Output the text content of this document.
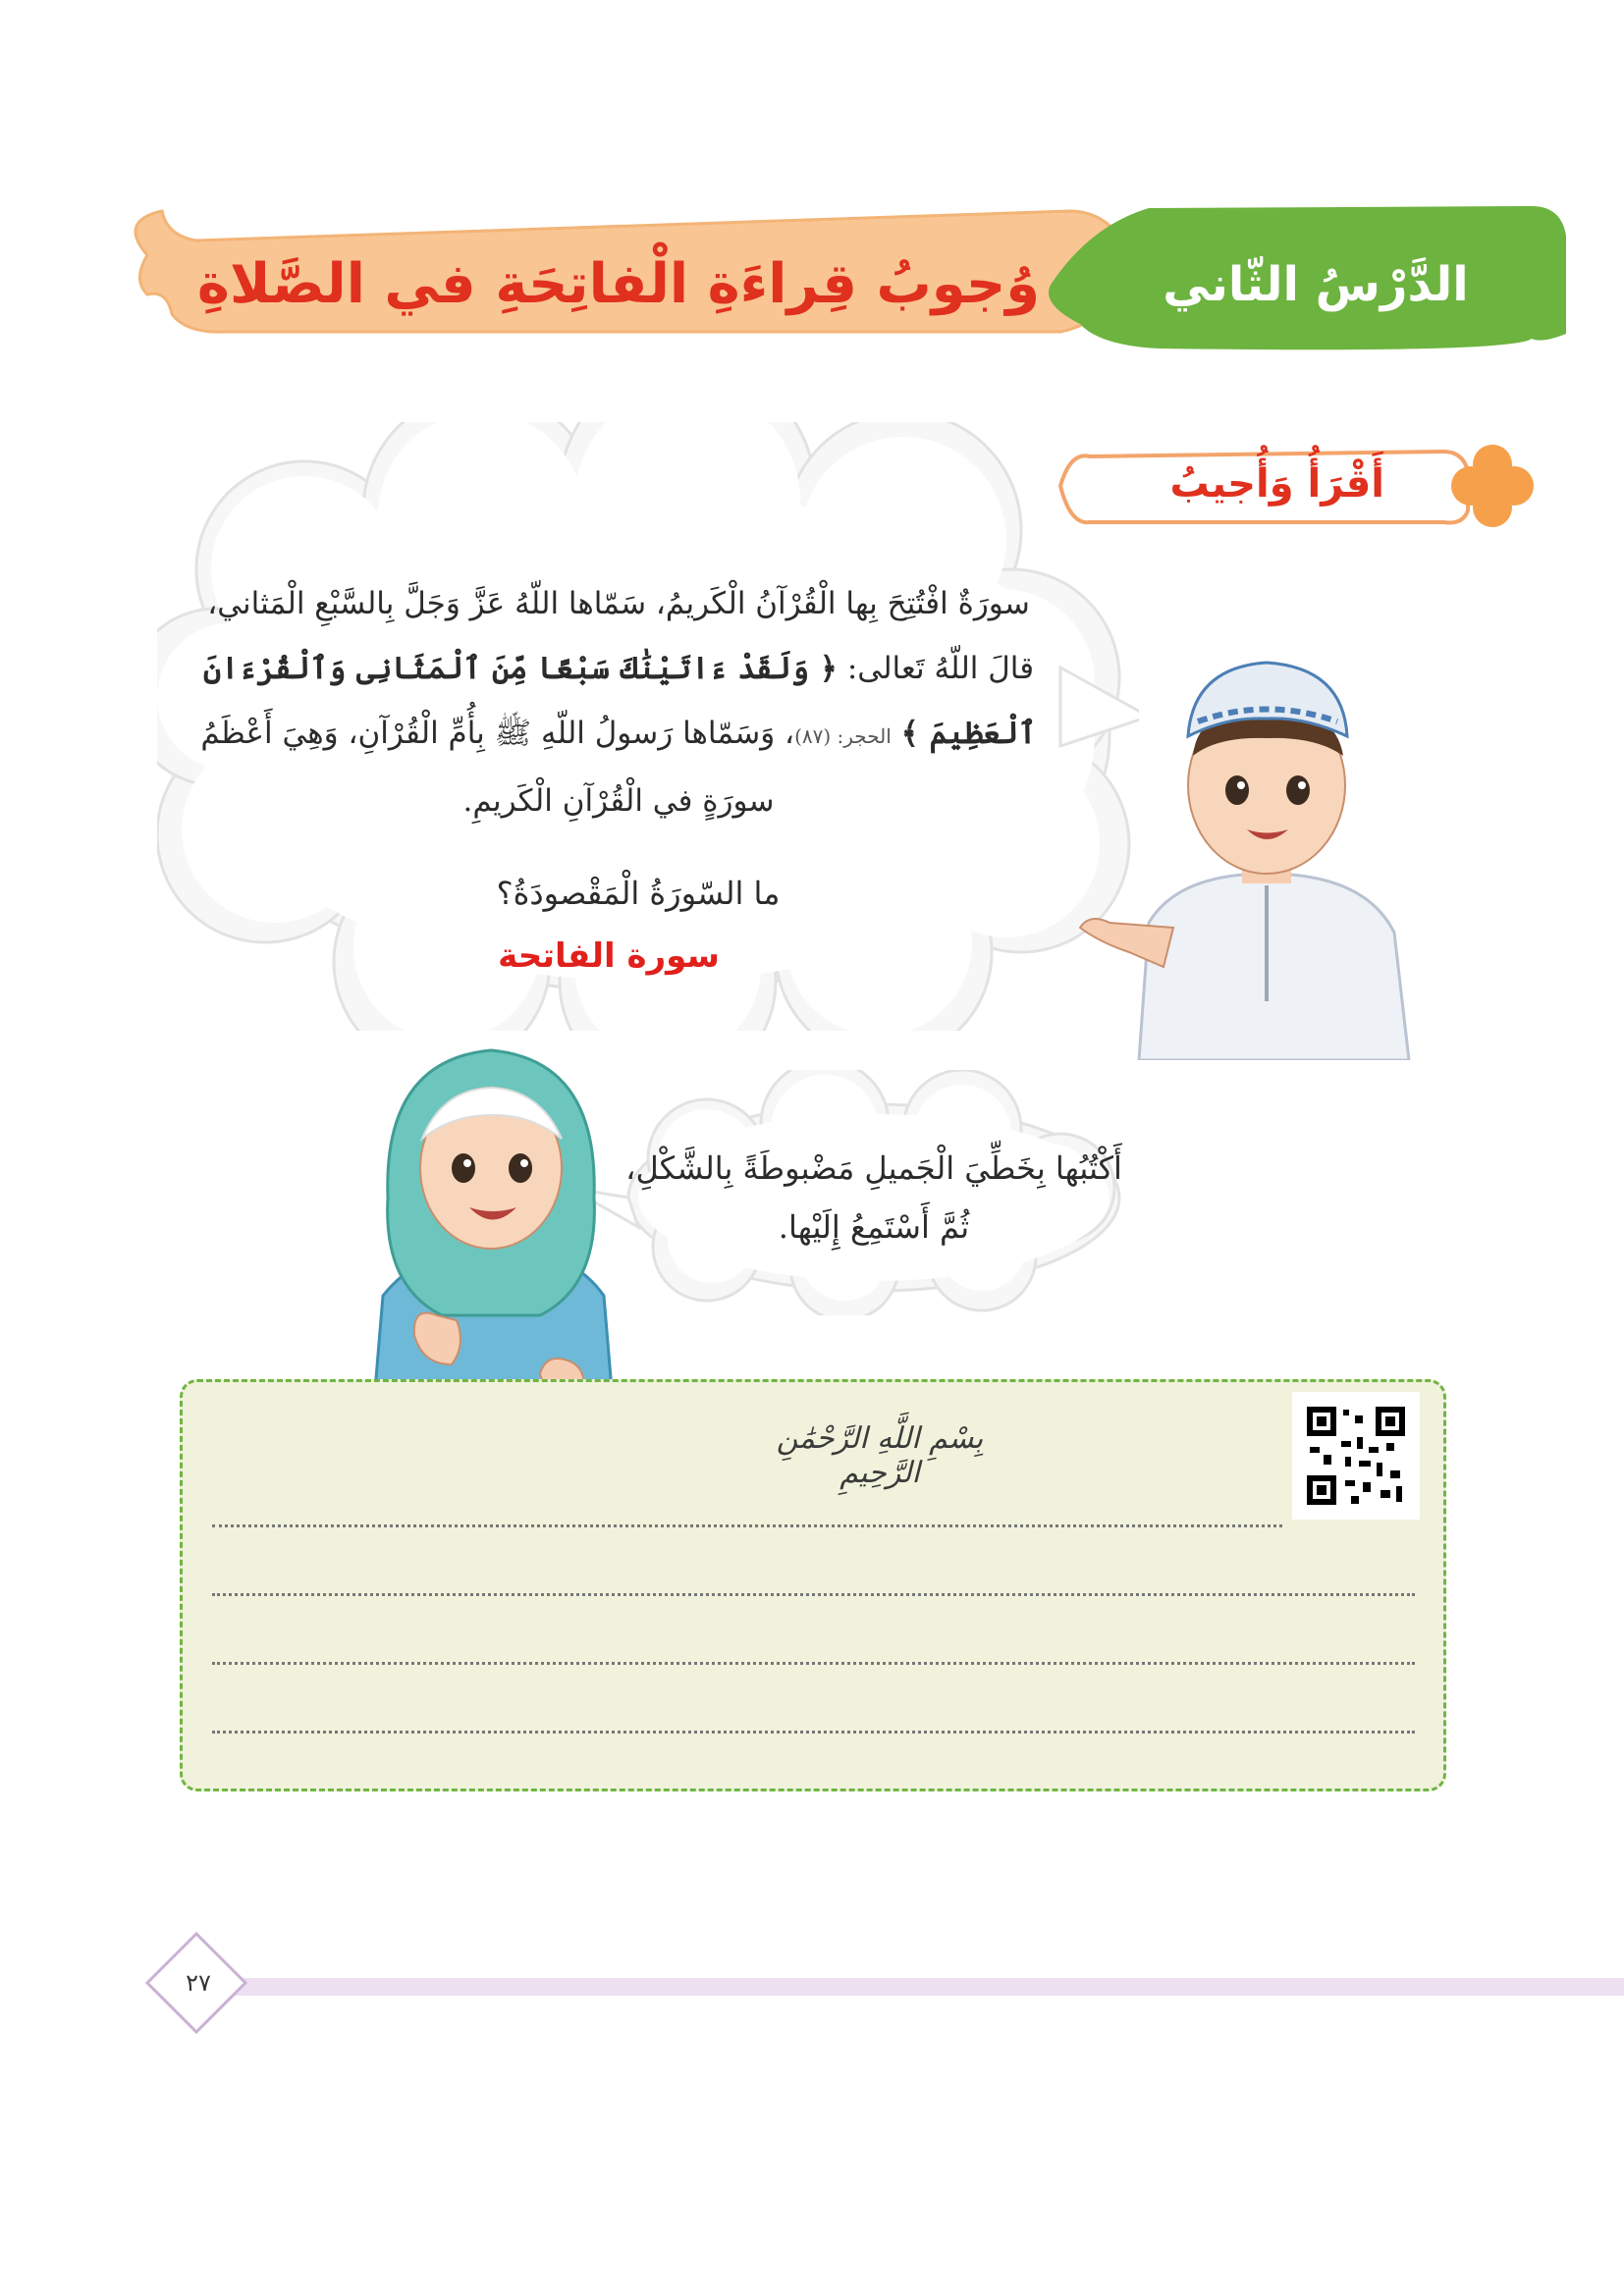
الدَّرْسُ الثّاني
وُجوبُ قِراءَةِ الْفاتِحَةِ في الصَّلاةِ
أَقْرَأُ وَأُجيبُ
سورَةٌ افْتُتِحَ بِها الْقُرْآنُ الْكَريمُ، سَمّاها اللّهُ عَزَّ وَجَلَّ بِالسَّبْعِ الْمَثاني، قالَ اللّهُ تَعالى: ﴿ وَلَقَدْ ءَاتَيْنَٰكَ سَبْعًا مِّنَ ٱلْمَثَانِى وَٱلْقُرْءَانَ ٱلْعَظِيمَ ﴾ الحجر: (٨٧)، وَسَمّاها رَسولُ اللّهِ ﷺ بِأُمِّ الْقُرْآنِ، وَهِيَ أَعْظَمُ سورَةٍ في الْقُرْآنِ الْكَريمِ.
ما السّورَةُ الْمَقْصودَةُ؟
سورة الفاتحة
أَكْتُبُها بِخَطِّيَ الْجَميلِ مَضْبوطَةً بِالشَّكْلِ، ثُمَّ أَسْتَمِعُ إِلَيْها.
بِسْمِ اللَّهِ الرَّحْمَٰنِ الرَّحِيمِ
٢٧
